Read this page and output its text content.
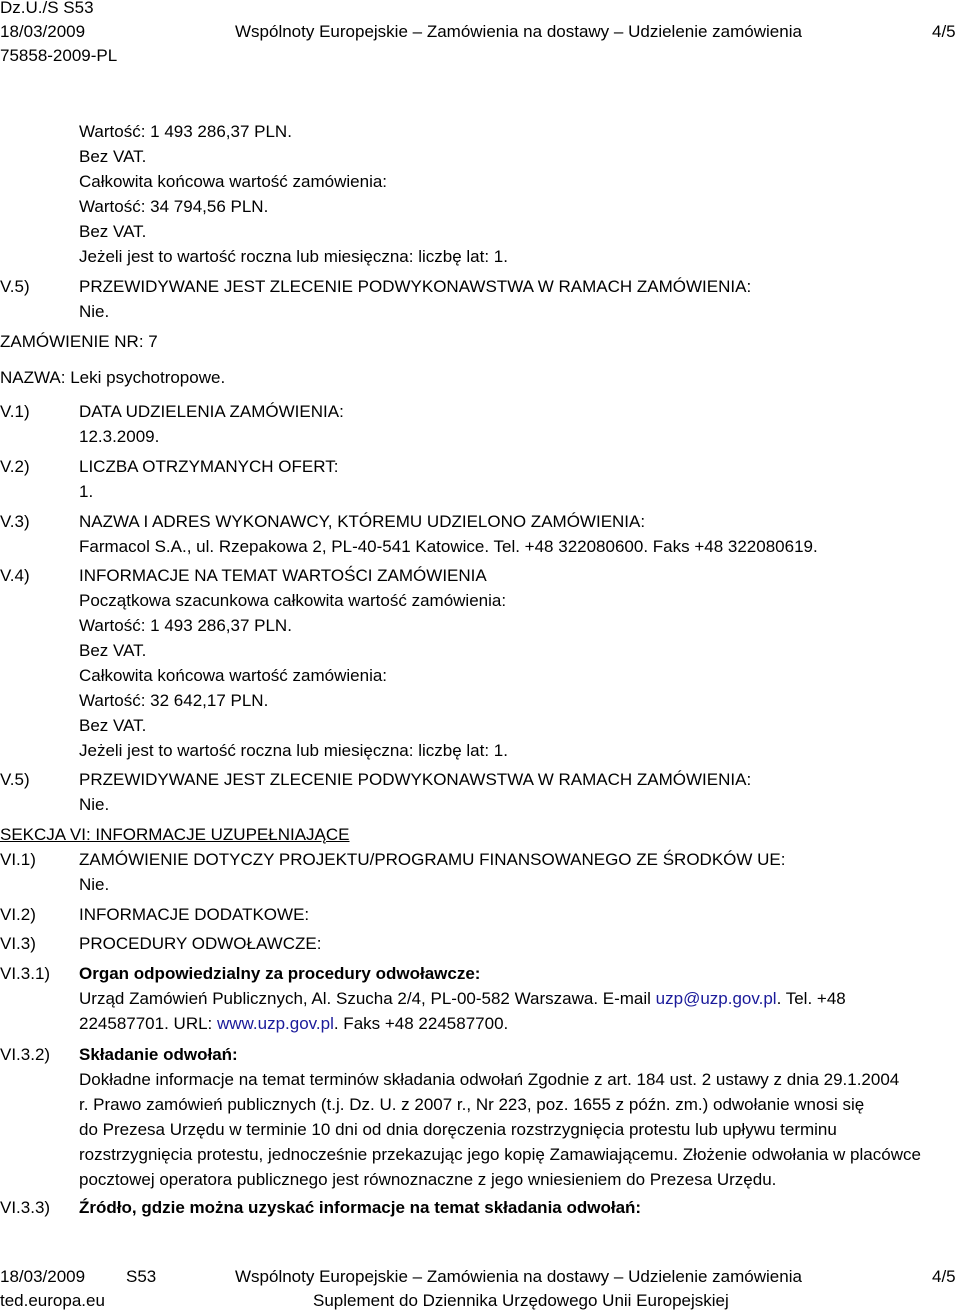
Dz.U./S S53
18/03/2009	Wspólnoty Europejskie – Zamówienia na dostawy – Udzielenie zamówienia	4/5
75858-2009-PL
Wartość: 1 493 286,37 PLN.
Bez VAT.
Całkowita końcowa wartość zamówienia:
Wartość: 34 794,56 PLN.
Bez VAT.
Jeżeli jest to wartość roczna lub miesięczna: liczbę lat: 1.
V.5)	PRZEWIDYWANE JEST ZLECENIE PODWYKONAWSTWA W RAMACH ZAMÓWIENIA:
Nie.
ZAMÓWIENIE NR: 7
NAZWA: Leki psychotropowe.
V.1)	DATA UDZIELENIA ZAMÓWIENIA:
12.3.2009.
V.2)	LICZBA OTRZYMANYCH OFERT:
1.
V.3)	NAZWA I ADRES WYKONAWCY, KTÓREMU UDZIELONO ZAMÓWIENIA:
Farmacol S.A., ul. Rzepakowa 2, PL-40-541 Katowice. Tel. +48 322080600. Faks +48 322080619.
V.4)	INFORMACJE NA TEMAT WARTOŚCI ZAMÓWIENIA
Początkowa szacunkowa całkowita wartość zamówienia:
Wartość: 1 493 286,37 PLN.
Bez VAT.
Całkowita końcowa wartość zamówienia:
Wartość: 32 642,17 PLN.
Bez VAT.
Jeżeli jest to wartość roczna lub miesięczna: liczbę lat: 1.
V.5)	PRZEWIDYWANE JEST ZLECENIE PODWYKONAWSTWA W RAMACH ZAMÓWIENIA:
Nie.
SEKCJA VI: INFORMACJE UZUPEŁNIAJĄCE
VI.1)	ZAMÓWIENIE DOTYCZY PROJEKTU/PROGRAMU FINANSOWANEGO ZE ŚRODKÓW UE:
Nie.
VI.2)	INFORMACJE DODATKOWE:
VI.3)	PROCEDURY ODWOŁAWCZE:
VI.3.1) Organ odpowiedzialny za procedury odwoławcze:
Urząd Zamówień Publicznych, Al. Szucha 2/4, PL-00-582 Warszawa. E-mail uzp@uzp.gov.pl. Tel. +48
224587701. URL: www.uzp.gov.pl. Faks +48 224587700.
VI.3.2) Składanie odwołań:
Dokładne informacje na temat terminów składania odwołań Zgodnie z art. 184 ust. 2 ustawy z dnia 29.1.2004
r. Prawo zamówień publicznych (t.j. Dz. U. z 2007 r., Nr 223, poz. 1655 z późn. zm.) odwołanie wnosi się
do Prezesa Urzędu w terminie 10 dni od dnia doręczenia rozstrzygnięcia protestu lub upływu terminu
rozstrzygnięcia protestu, jednocześnie przekazując jego kopię Zamawiającemu. Złożenie odwołania w placówce
pocztowej operatora publicznego jest równoznaczne z jego wniesieniem do Prezesa Urzędu.
VI.3.3) Źródło, gdzie można uzyskać informacje na temat składania odwołań:
18/03/2009 S53	Wspólnoty Europejskie – Zamówienia na dostawy – Udzielenie zamówienia	4/5
ted.europa.eu	Suplement do Dziennika Urzędowego Unii Europejskiej
